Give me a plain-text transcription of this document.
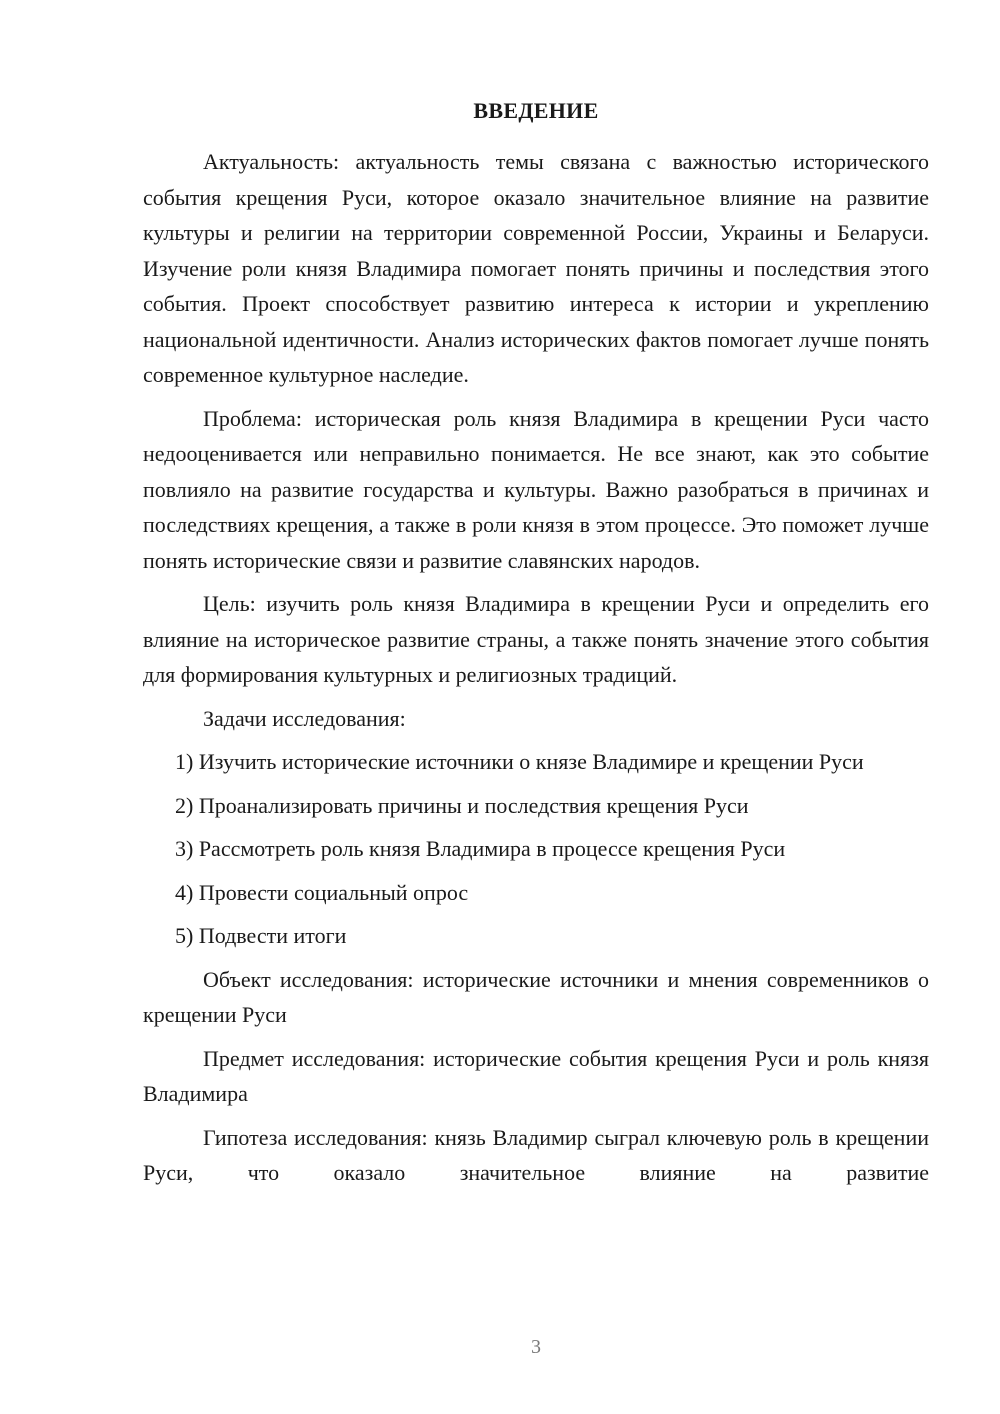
ВВЕДЕНИЕ

Актуальность: актуальность темы связана с важностью исторического события крещения Руси, которое оказало значительное влияние на развитие культуры и религии на территории современной России, Украины и Беларуси. Изучение роли князя Владимира помогает понять причины и последствия этого события. Проект способствует развитию интереса к истории и укреплению национальной идентичности. Анализ исторических фактов помогает лучше понять современное культурное наследие.

Проблема: историческая роль князя Владимира в крещении Руси часто недооценивается или неправильно понимается. Не все знают, как это событие повлияло на развитие государства и культуры. Важно разобраться в причинах и последствиях крещения, а также в роли князя в этом процессе. Это поможет лучше понять исторические связи и развитие славянских народов.

Цель: изучить роль князя Владимира в крещении Руси и определить его влияние на историческое развитие страны, а также понять значение этого события для формирования культурных и религиозных традиций.

Задачи исследования:

1) Изучить исторические источники о князе Владимире и крещении Руси

2) Проанализировать причины и последствия крещения Руси

3) Рассмотреть роль князя Владимира в процессе крещения Руси

4) Провести социальный опрос

5) Подвести итоги

Объект исследования: исторические источники и мнения современников о крещении Руси

Предмет исследования: исторические события крещения Руси и роль князя Владимира

Гипотеза исследования: князь Владимир сыграл ключевую роль в крещении Руси, что оказало значительное влияние на развитие

3
